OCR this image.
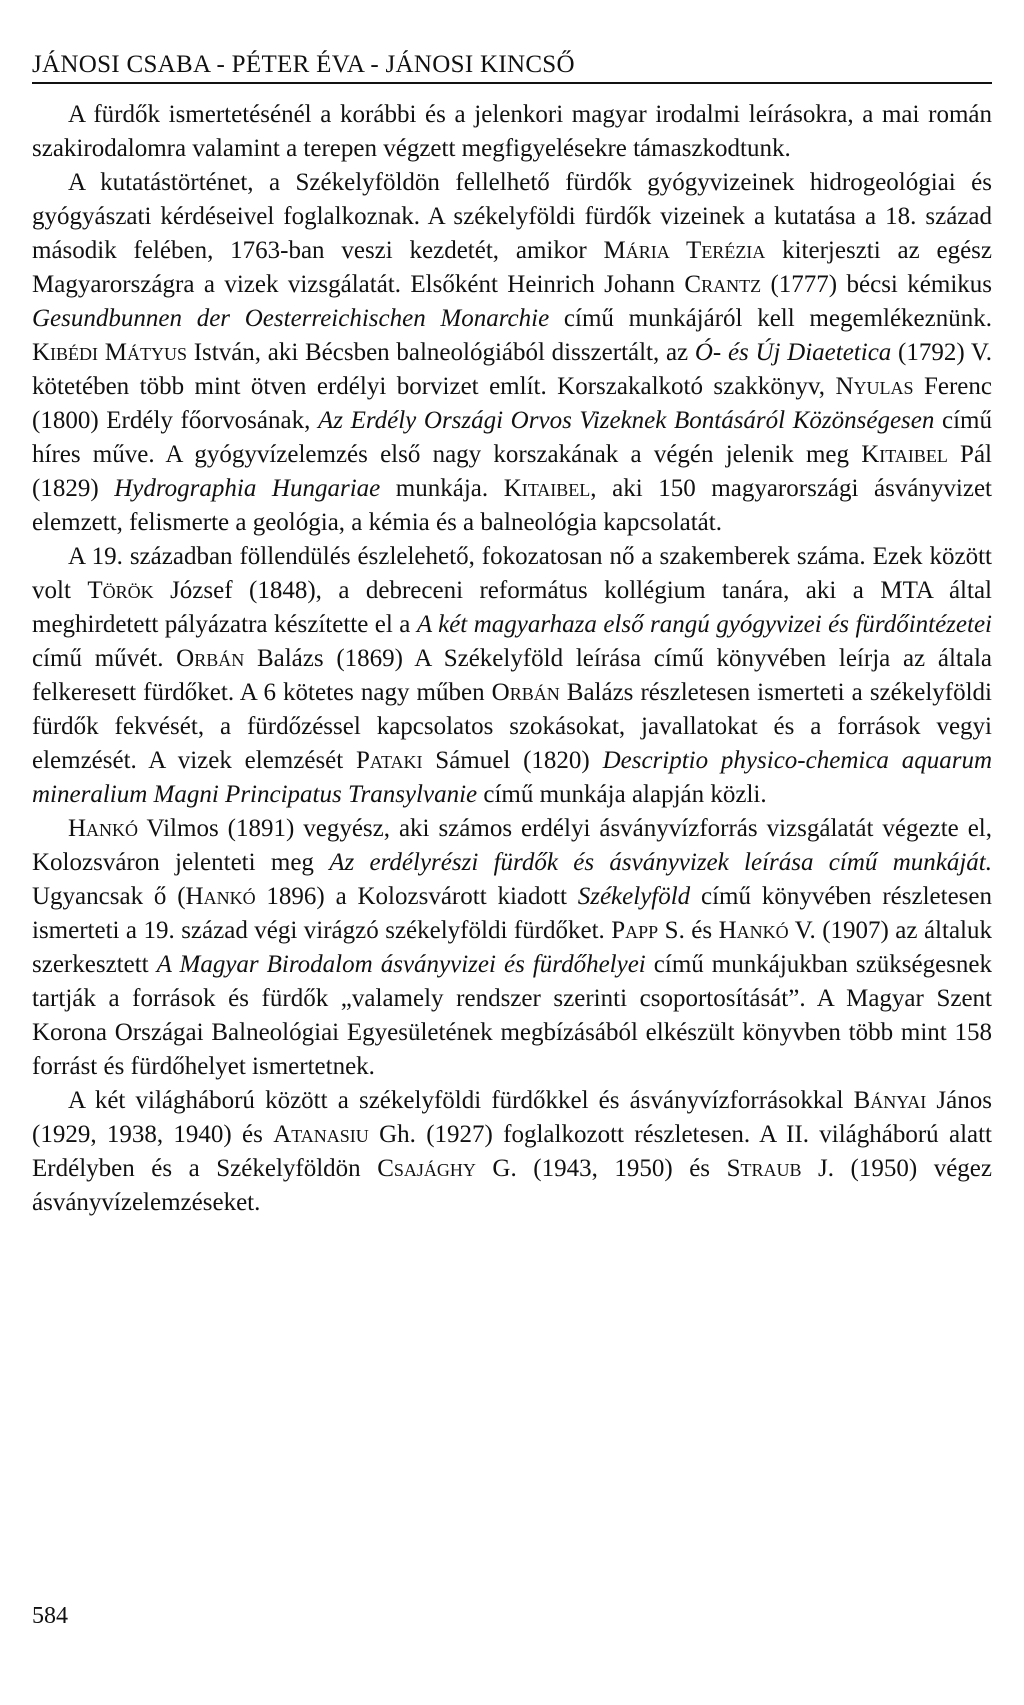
JÁNOSI CSABA - PÉTER ÉVA - JÁNOSI KINCSŐ

A fürdők ismertetésénél a korábbi és a jelenkori magyar irodalmi leírásokra, a mai román szakirodalomra valamint a terepen végzett megfigyelésekre támaszkodtunk.

A kutatástörténet, a Székelyföldön fellelhető fürdők gyógyvizeinek hidrogeológiai és gyógyászati kérdéseivel foglalkoznak. A székelyföldi fürdők vizeinek a kutatása a 18. század második felében, 1763-ban veszi kezdetét, amikor Mária Terézia kiterjeszti az egész Magyarországra a vizek vizsgálatát. Elsőként Heinrich Johann Crantz (1777) bécsi kémikus Gesundbunnen der Oesterreichischen Monarchie című munkájáról kell megemlékeznünk. Kibédi Mátyus István, aki Bécsben balneológiából disszertált, az Ó- és Új Diaetetica (1792) V. kötetében több mint ötven erdélyi borvizet említ. Korszakalkotó szakkönyv, Nyulas Ferenc (1800) Erdély főorvosának, Az Erdély Országi Orvos Vizeknek Bontásáról Közönségesen című híres műve. A gyógyvízelemzés első nagy korszakának a végén jelenik meg Kitaibel Pál (1829) Hydrographia Hungariae munkája. Kitaibel, aki 150 magyarországi ásványvizet elemzett, felismerte a geológia, a kémia és a balneológia kapcsolatát.

A 19. században föllendülés észlelehető, fokozatosan nő a szakemberek száma. Ezek között volt Török József (1848), a debreceni református kollégium tanára, aki a MTA által meghirdetett pályázatra készítette el a A két magyarhaza első rangú gyógyvizei és fürdőintézetei című művét. Orbán Balázs (1869) A Székelyföld leírása című könyvében leírja az általa felkeresett fürdőket. A 6 kötetes nagy műben Orbán Balázs részletesen ismerteti a székelyföldi fürdők fekvését, a fürdőzéssel kapcsolatos szokásokat, javallatokat és a források vegyi elemzését. A vizek elemzését Pataki Sámuel (1820) Descriptio physico-chemica aquarum mineralium Magni Principatus Transylvanie című munkája alapján közli.

Hankó Vilmos (1891) vegyész, aki számos erdélyi ásványvízforrás vizsgálatát végezte el, Kolozsváron jelenteti meg Az erdélyrészi fürdők és ásványvizek leírása című munkáját. Ugyancsak ő (Hankó 1896) a Kolozsvárott kiadott Székelyföld című könyvében részletesen ismerteti a 19. század végi virágzó székelyföldi fürdőket. Papp S. és Hankó V. (1907) az általuk szerkesztett A Magyar Birodalom ásványvizei és fürdőhelyei című munkájukban szükségesnek tartják a források és fürdők „valamely rendszer szerinti csoportosítását”. A Magyar Szent Korona Országai Balneológiai Egyesületének megbízásából elkészült könyvben több mint 158 forrást és fürdőhelyet ismertetnek.

A két világháború között a székelyföldi fürdőkkel és ásványvízforrásokkal Bányai János (1929, 1938, 1940) és Atanasiu Gh. (1927) foglalkozott részletesen. A II. világháború alatt Erdélyben és a Székelyföldön Csajághy G. (1943, 1950) és Straub J. (1950) végez ásványvízelemzéseket.

584
